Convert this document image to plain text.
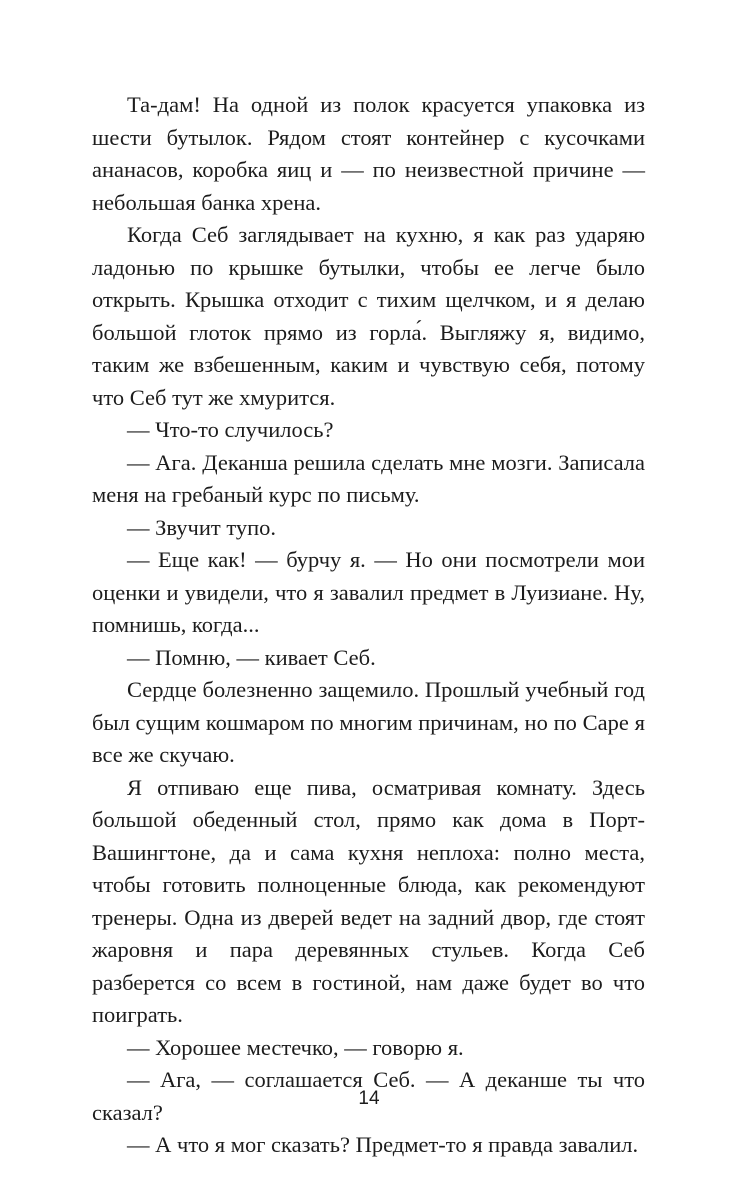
Та-дам! На одной из полок красуется упаковка из шести бутылок. Рядом стоят контейнер с кусочками ананасов, коробка яиц и — по неизвестной причине — небольшая банка хрена.

Когда Себ заглядывает на кухню, я как раз ударяю ладонью по крышке бутылки, чтобы ее легче было открыть. Крышка отходит с тихим щелчком, и я делаю большой глоток прямо из горла́. Выгляжу я, видимо, таким же взбешенным, каким и чувствую себя, потому что Себ тут же хмурится.

— Что-то случилось?

— Ага. Деканша решила сделать мне мозги. Записала меня на гребаный курс по письму.

— Звучит тупо.

— Еще как! — бурчу я. — Но они посмотрели мои оценки и увидели, что я завалил предмет в Луизиане. Ну, помнишь, когда...

— Помню, — кивает Себ.

Сердце болезненно защемило. Прошлый учебный год был сущим кошмаром по многим причинам, но по Саре я все же скучаю.

Я отпиваю еще пива, осматривая комнату. Здесь большой обеденный стол, прямо как дома в Порт-Вашингтоне, да и сама кухня неплоха: полно места, чтобы готовить полноценные блюда, как рекомендуют тренеры. Одна из дверей ведет на задний двор, где стоят жаровня и пара деревянных стульев. Когда Себ разберется со всем в гостиной, нам даже будет во что поиграть.

— Хорошее местечко, — говорю я.

— Ага, — соглашается Себ. — А деканше ты что сказал?

— А что я мог сказать? Предмет-то я правда завалил.

14
